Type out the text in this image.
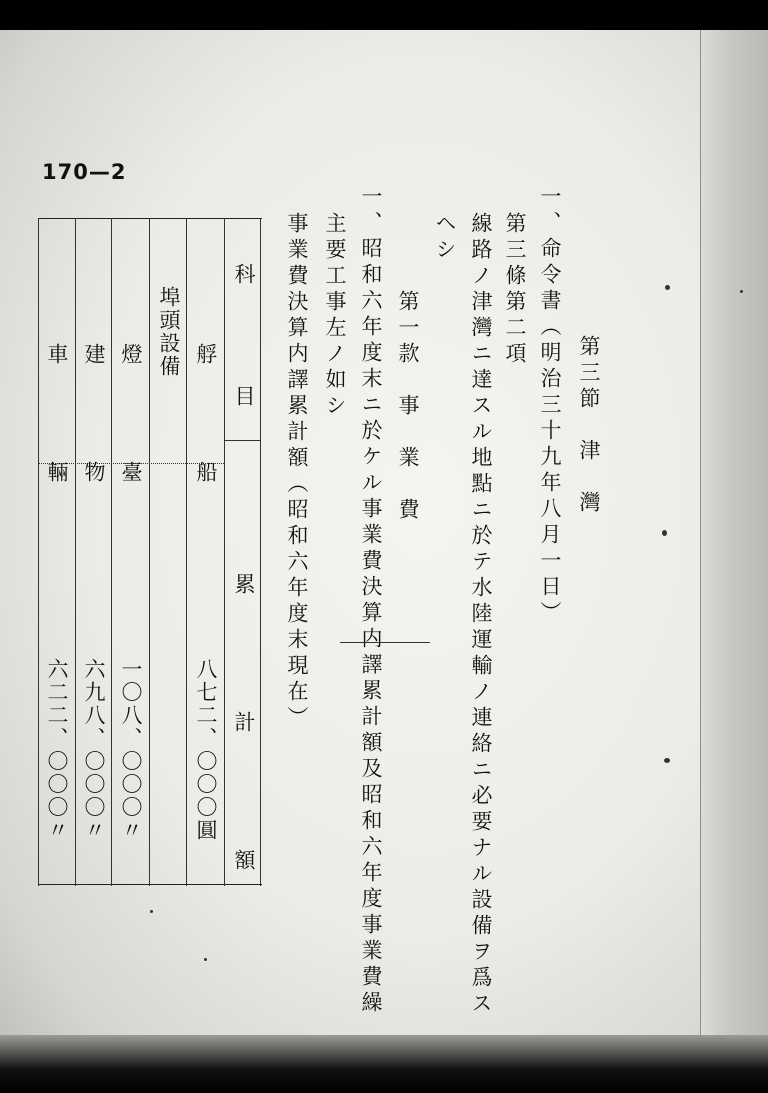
170—2
第三節　津　灣
一、命令書（明治三十九年八月一日）
第三條第二項
線路ノ津灣ニ達スル地點ニ於テ水陸運輸ノ連絡ニ必要ナル設備ヲ爲ス
ヘシ
第一款　事　業　費
一、昭和六年度末ニ於ケル事業費決算内譯累計額及昭和六年度事業費繰
主要工事左ノ如シ
事業費決算内譯累計額（昭和六年度末現在）
科　目
累　計　額
艀　船
八七二、〇〇〇圓
埠頭設備
燈　臺
一〇八、〇〇〇〃
建　物
六九八、〇〇〇〃
車　輛
六二二、〇〇〇〃
